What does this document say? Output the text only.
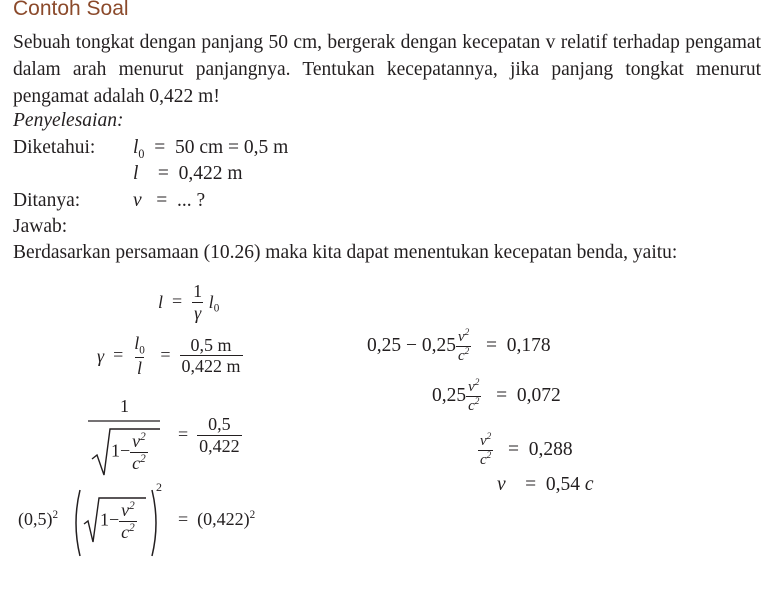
Contoh Soal
Sebuah tongkat dengan panjang 50 cm, bergerak dengan kecepatan v relatif terhadap pengamat dalam arah menurut panjangnya. Tentukan kecepatannya, jika panjang tongkat menurut pengamat adalah 0,422 m!
Penyelesaian:
Diketahui: $l_0 = 50$ cm = 0,5 m
l    =  0,422 m
Ditanya:	v   =  ... ?
Jawab:
Berdasarkan persamaan (10.26) maka kita dapat menentukan kecepatan benda, yaitu:
$l = \frac{1}{\gamma} l_0$
$\gamma = \frac{l_0}{l} = \frac{0,5 m}{0,422 m}$
1
$1- \frac{v^2}{c^2} = \frac{0,5}{0,422}$
$(0,5)^2$ $1- \frac{v^2}{c^2}$
2
=  $(0,422)^2$
$0,25 - 0,25 \frac{v^2}{c^2} = 0,178$
$0,25 \frac{v^2}{c^2} = 0,072$
$\frac{v^2}{c^2} = 0,288$
v    =  0,54 c
